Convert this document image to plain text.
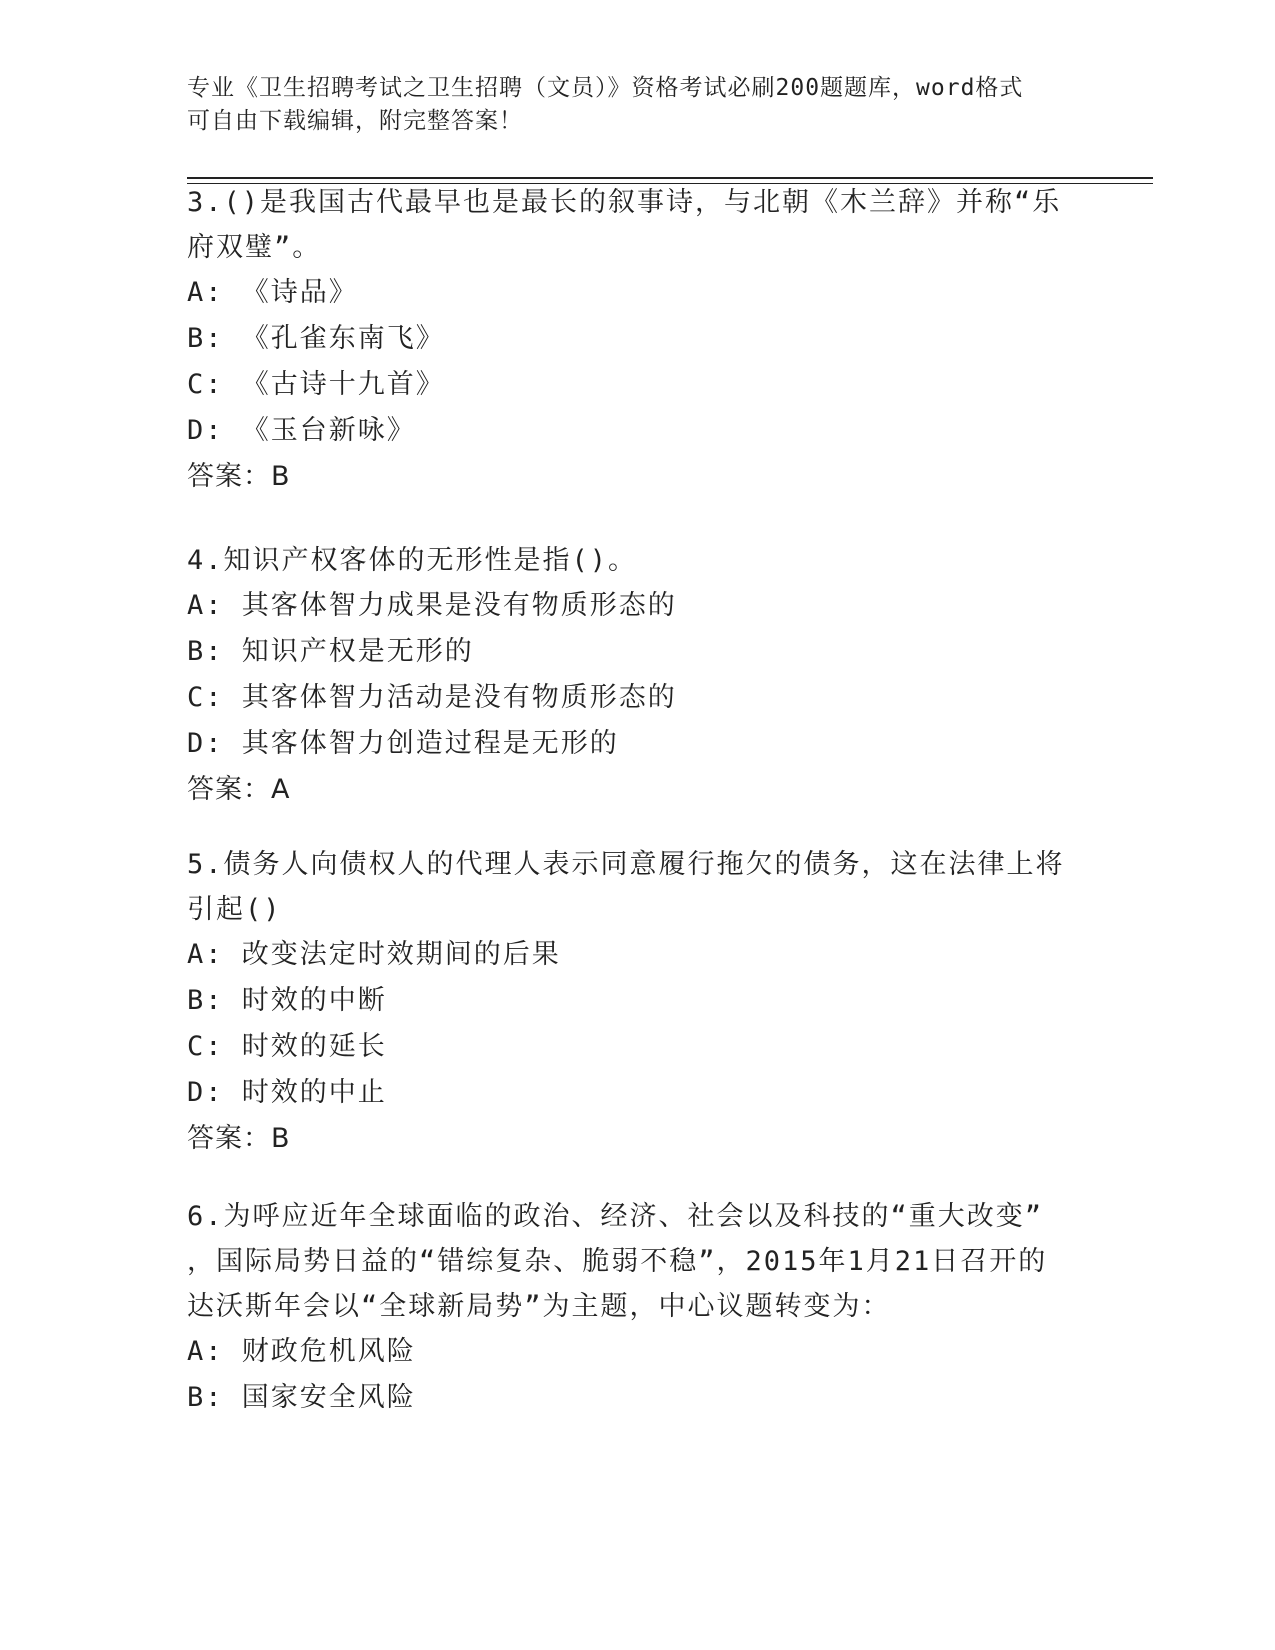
专业《卫生招聘考试之卫生招聘（文员）》资格考试必刷200题题库，word格式
可自由下载编辑，附完整答案！
3.()是我国古代最早也是最长的叙事诗，与北朝《木兰辞》并称“乐
府双璧”。
A: 《诗品》
B: 《孔雀东南飞》
C: 《古诗十九首》
D: 《玉台新咏》
答案：B
4.知识产权客体的无形性是指()。
A: 其客体智力成果是没有物质形态的
B: 知识产权是无形的
C: 其客体智力活动是没有物质形态的
D: 其客体智力创造过程是无形的
答案：A
5.债务人向债权人的代理人表示同意履行拖欠的债务，这在法律上将
引起()
A: 改变法定时效期间的后果
B: 时效的中断
C: 时效的延长
D: 时效的中止
答案：B
6.为呼应近年全球面临的政治、经济、社会以及科技的“重大改变”
，国际局势日益的“错综复杂、脆弱不稳”，2015年1月21日召开的
达沃斯年会以“全球新局势”为主题，中心议题转变为：
A: 财政危机风险
B: 国家安全风险
